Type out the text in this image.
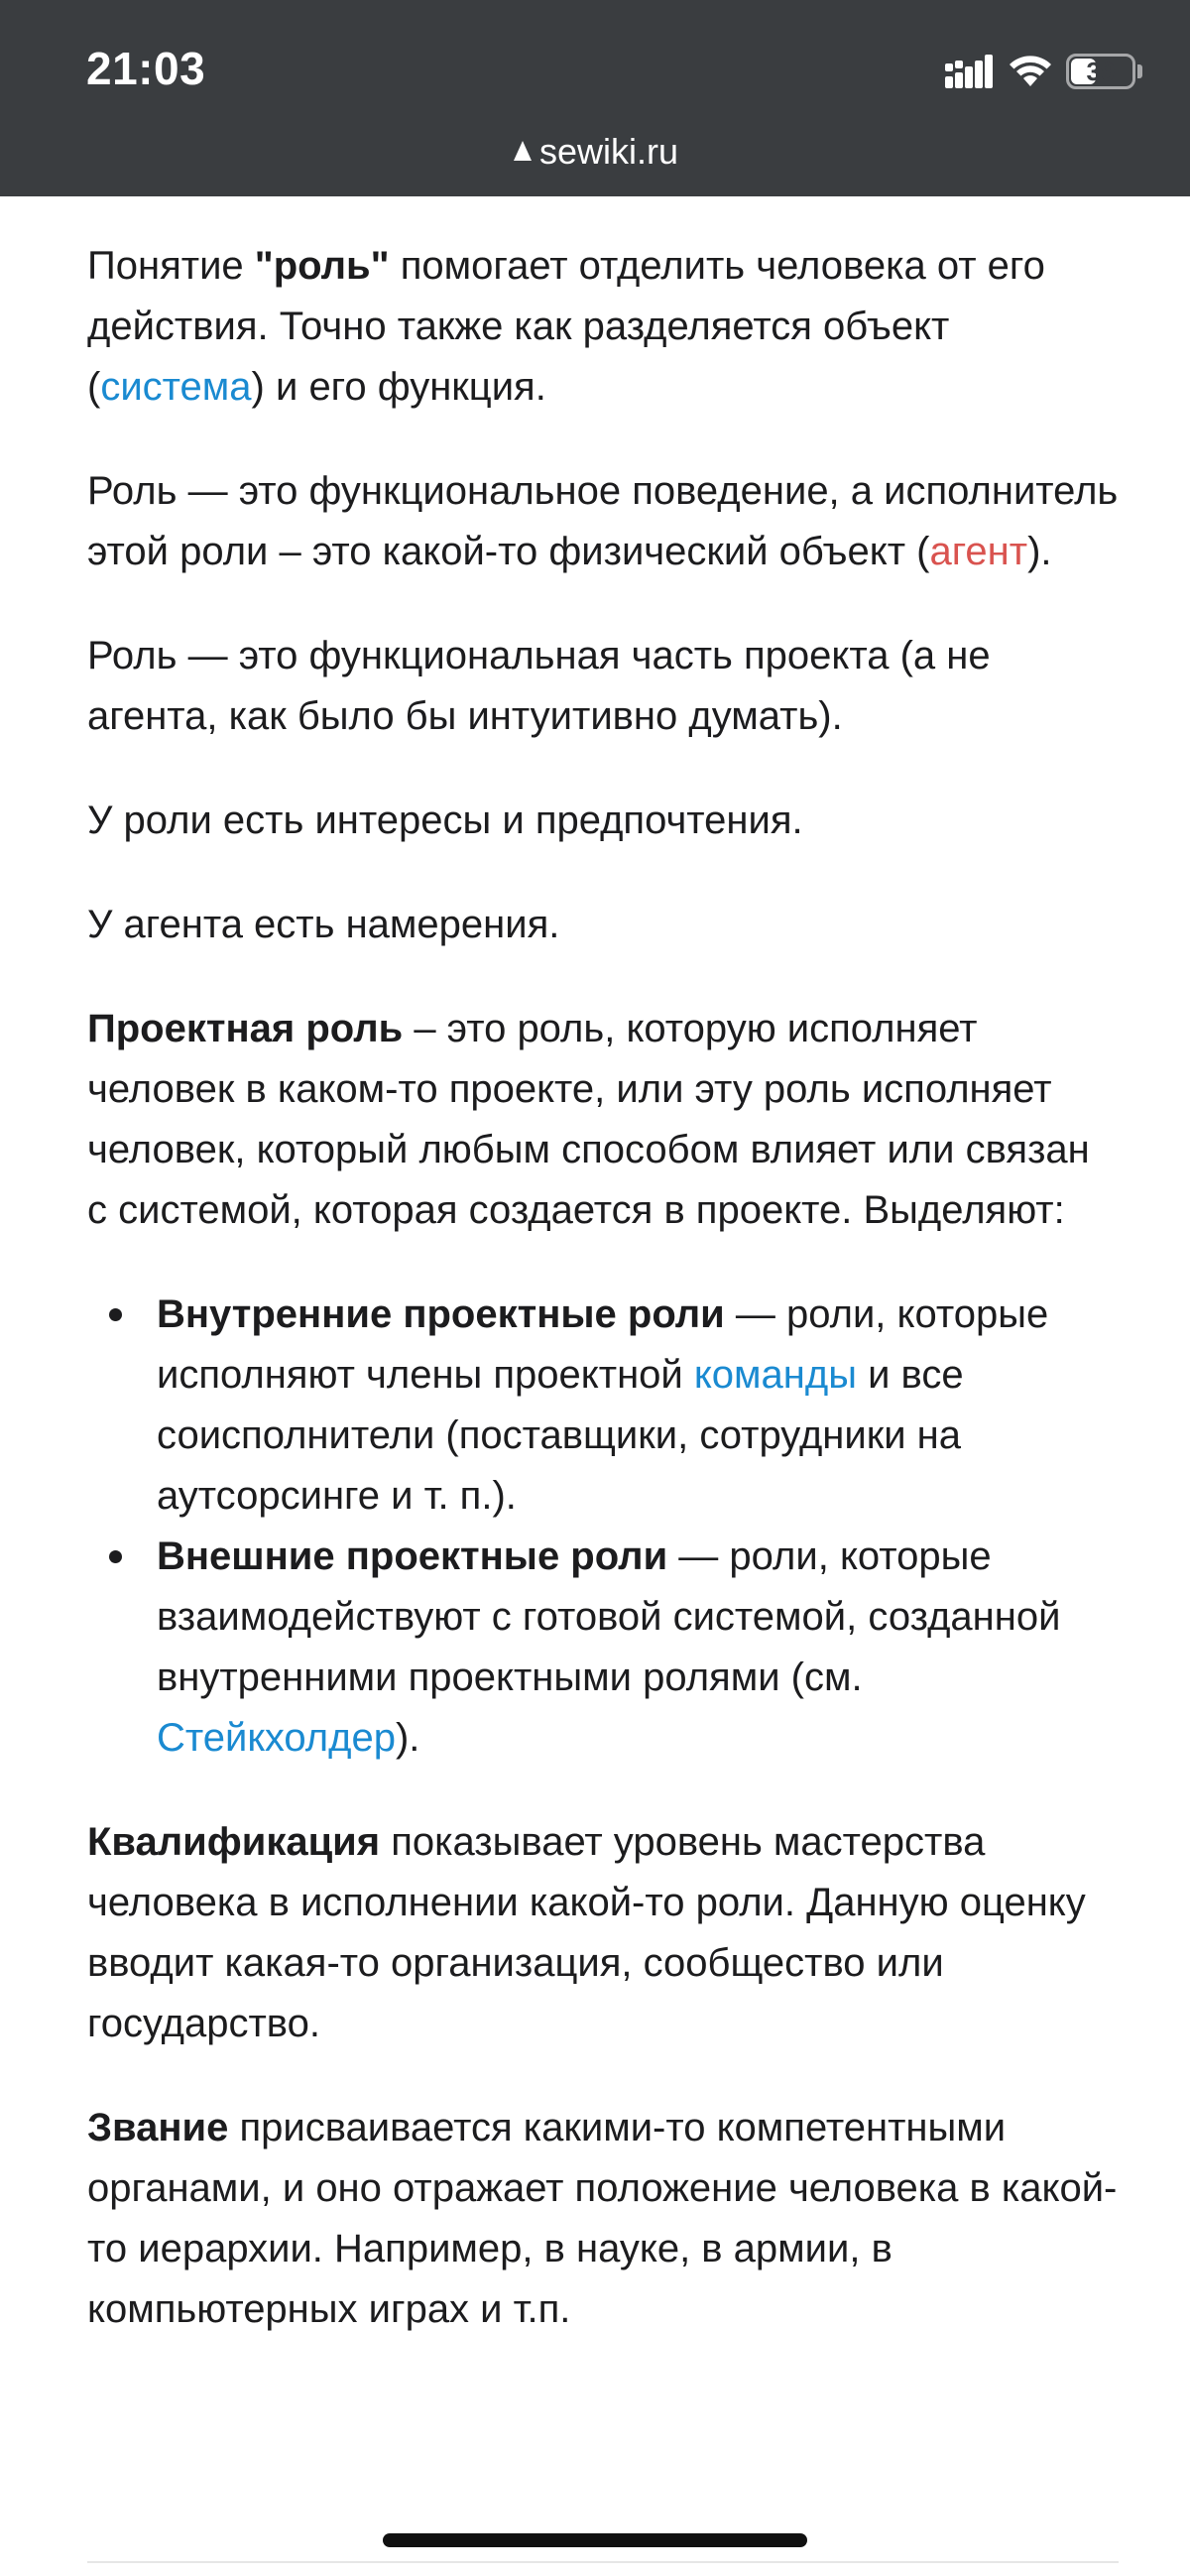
21:03	39
sewiki.ru

Понятие "роль" помогает отделить человека от его действия. Точно также как разделяется объект (система) и его функция.

Роль — это функциональное поведение, а исполнитель этой роли – это какой-то физический объект (агент).

Роль — это функциональная часть проекта (а не агента, как было бы интуитивно думать).

У роли есть интересы и предпочтения.

У агента есть намерения.

Проектная роль – это роль, которую исполняет человек в каком-то проекте, или эту роль исполняет человек, который любым способом влияет или связан с системой, которая создается в проекте. Выделяют:

Внутренние проектные роли — роли, которые исполняют члены проектной команды и все соисполнители (поставщики, сотрудники на аутсорсинге и т. п.).
Внешние проектные роли — роли, которые взаимодействуют с готовой системой, созданной внутренними проектными ролями (см. Стейкхолдер).

Квалификация показывает уровень мастерства человека в исполнении какой-то роли. Данную оценку вводит какая-то организация, сообщество или государство.

Звание присваивается какими-то компетентными органами, и оно отражает положение человека в какой-то иерархии. Например, в науке, в армии, в компьютерных играх и т.п.
